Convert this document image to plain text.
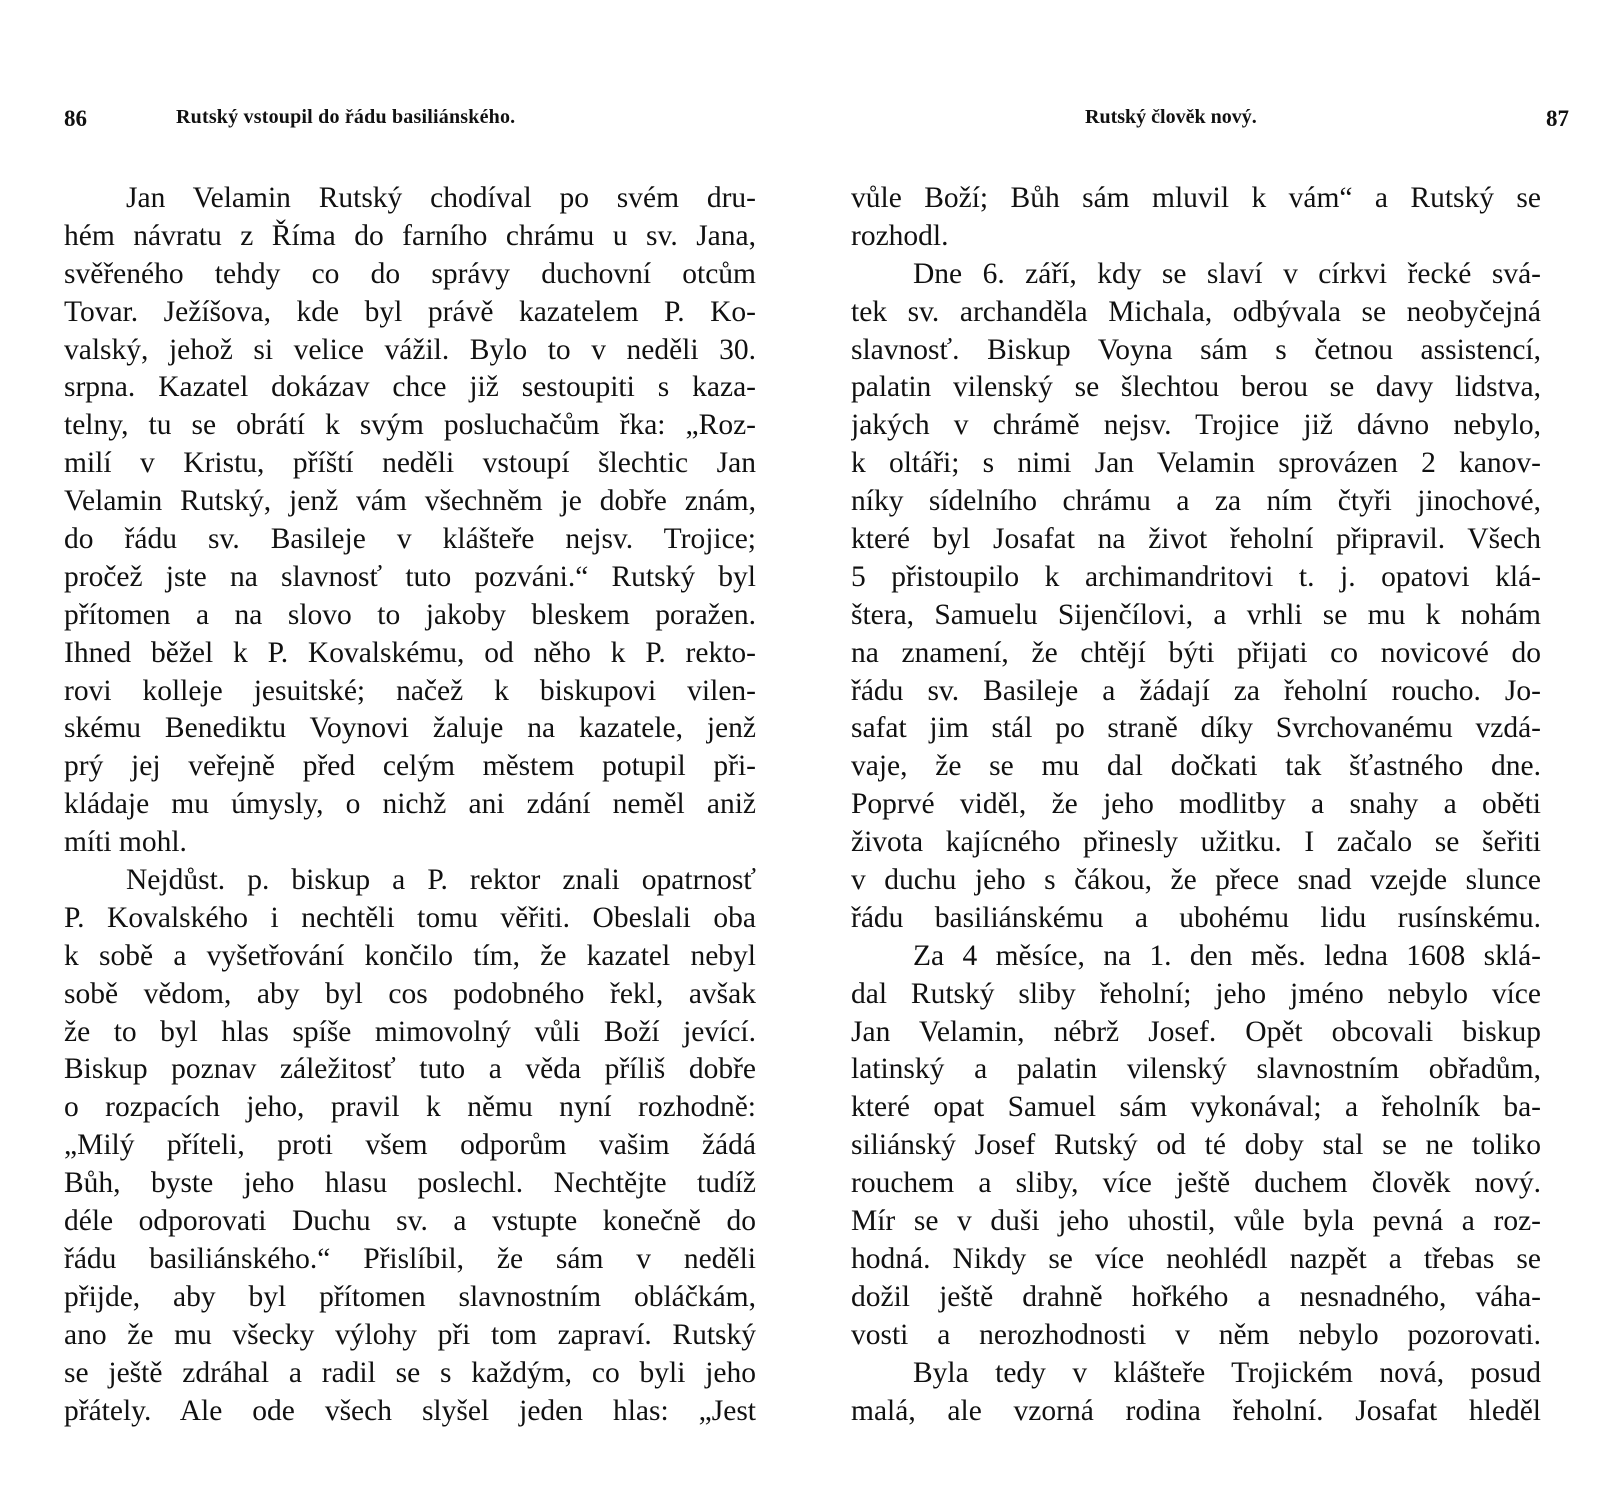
86	Rutský vstoupil do řádu basiliánského.
Jan Velamin Rutský chodíval po svém dru-
hém návratu z Říma do farního chrámu u sv. Jana,
svěřeného tehdy co do správy duchovní otcům
Tovar. Ježíšova, kde byl právě kazatelem P. Ko-
valský, jehož si velice vážil. Bylo to v neděli 30.
srpna. Kazatel dokázav chce již sestoupiti s kaza-
telny, tu se obrátí k svým posluchačům řka: „Roz-
milí v Kristu, příští neděli vstoupí šlechtic Jan
Velamin Rutský, jenž vám všechněm je dobře znám,
do řádu sv. Basileje v klášteře nejsv. Trojice;
pročež jste na slavnosť tuto pozváni.“ Rutský byl
přítomen a na slovo to jakoby bleskem poražen.
Ihned běžel k P. Kovalskému, od něho k P. rekto-
rovi kolleje jesuitské; načež k biskupovi vilen-
skému Benediktu Voynovi žaluje na kazatele, jenž
prý jej veřejně před celým městem potupil při-
kládaje mu úmysly, o nichž ani zdání neměl aniž
míti mohl.
Nejdůst. p. biskup a P. rektor znali opatrnosť
P. Kovalského i nechtěli tomu věřiti. Obeslali oba
k sobě a vyšetřování končilo tím, že kazatel nebyl
sobě vědom, aby byl cos podobného řekl, avšak
že to byl hlas spíše mimovolný vůli Boží jevící.
Biskup poznav záležitosť tuto a věda příliš dobře
o rozpacích jeho, pravil k němu nyní rozhodně:
„Milý příteli, proti všem odporům vašim žádá
Bůh, byste jeho hlasu poslechl. Nechtějte tudíž
déle odporovati Duchu sv. a vstupte konečně do
řádu basiliánského.“ Přislíbil, že sám v neděli
přijde, aby byl přítomen slavnostním obláčkám,
ano že mu všecky výlohy při tom zapraví. Rutský
se ještě zdráhal a radil se s každým, co byli jeho
přátely. Ale ode všech slyšel jeden hlas: „Jest
Rutský člověk nový.	87
vůle Boží; Bůh sám mluvil k vám“ a Rutský se
rozhodl.
Dne 6. září, kdy se slaví v církvi řecké svá-
tek sv. archanděla Michala, odbývala se neobyčejná
slavnosť. Biskup Voyna sám s četnou assistencí,
palatin vilenský se šlechtou berou se davy lidstva,
jakých v chrámě nejsv. Trojice již dávno nebylo,
k oltáři; s nimi Jan Velamin sprovázen 2 kanov-
níky sídelního chrámu a za ním čtyři jinochové,
které byl Josafat na život řeholní připravil. Všech
5 přistoupilo k archimandritovi t. j. opatovi klá-
štera, Samuelu Sijenčílovi, a vrhli se mu k nohám
na znamení, že chtějí býti přijati co novicové do
řádu sv. Basileje a žádají za řeholní roucho. Jo-
safat jim stál po straně díky Svrchovanému vzdá-
vaje, že se mu dal dočkati tak šťastného dne.
Poprvé viděl, že jeho modlitby a snahy a oběti
života kajícného přinesly užitku. I začalo se šeřiti
v duchu jeho s čákou, že přece snad vzejde slunce
řádu basiliánskému a ubohému lidu rusínskému.
Za 4 měsíce, na 1. den měs. ledna 1608 sklá-
dal Rutský sliby řeholní; jeho jméno nebylo více
Jan Velamin, nébrž Josef. Opět obcovali biskup
latinský a palatin vilenský slavnostním obřadům,
které opat Samuel sám vykonával; a řeholník ba-
siliánský Josef Rutský od té doby stal se ne toliko
rouchem a sliby, více ještě duchem člověk nový.
Mír se v duši jeho uhostil, vůle byla pevná a roz-
hodná. Nikdy se více neohlédl nazpět a třebas se
dožil ještě drahně hořkého a nesnadného, váha-
vosti a nerozhodnosti v něm nebylo pozorovati.
Byla tedy v klášteře Trojickém nová, posud
malá, ale vzorná rodina řeholní. Josafat hleděl
